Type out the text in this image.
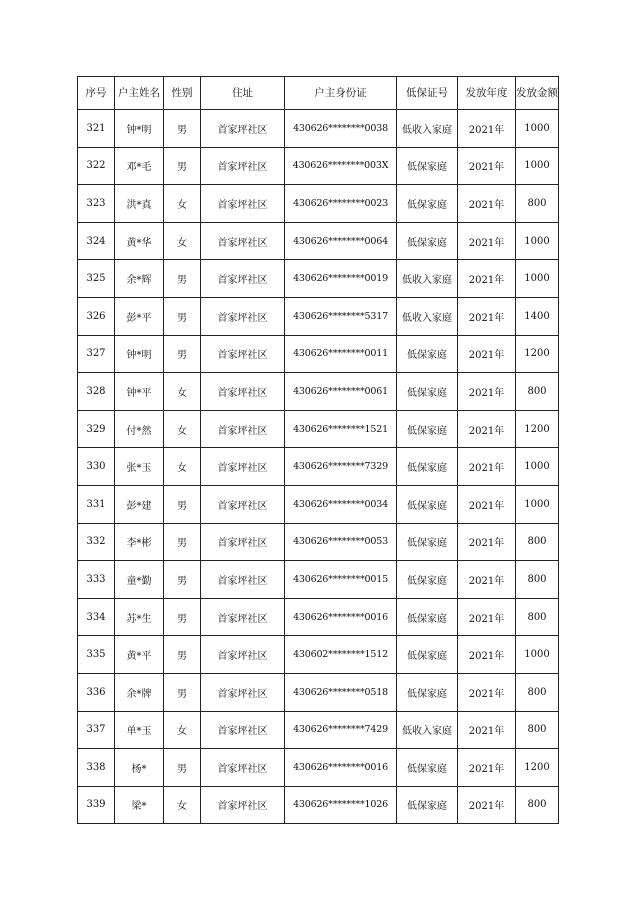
序号	户主姓名	性别	住址	户主身份证	低保证号	发放年度	发放金额
321	钟*明	男	首家坪社区	430626********0038	低收入家庭	2021年	1000
322	邓*毛	男	首家坪社区	430626********003X	低保家庭	2021年	1000
323	洪*真	女	首家坪社区	430626********0023	低保家庭	2021年	800
324	黄*华	女	首家坪社区	430626********0064	低保家庭	2021年	1000
325	余*辉	男	首家坪社区	430626********0019	低收入家庭	2021年	1000
326	彭*平	男	首家坪社区	430626********5317	低收入家庭	2021年	1400
327	钟*明	男	首家坪社区	430626********0011	低保家庭	2021年	1200
328	钟*平	女	首家坪社区	430626********0061	低保家庭	2021年	800
329	付*然	女	首家坪社区	430626********1521	低保家庭	2021年	1200
330	张*玉	女	首家坪社区	430626********7329	低保家庭	2021年	1000
331	彭*建	男	首家坪社区	430626********0034	低保家庭	2021年	1000
332	李*彬	男	首家坪社区	430626********0053	低保家庭	2021年	800
333	童*勤	男	首家坪社区	430626********0015	低保家庭	2021年	800
334	苏*生	男	首家坪社区	430626********0016	低保家庭	2021年	800
335	黄*平	男	首家坪社区	430602********1512	低保家庭	2021年	1000
336	余*牌	男	首家坪社区	430626********0518	低保家庭	2021年	800
337	单*玉	女	首家坪社区	430626********7429	低收入家庭	2021年	800
338	杨*	男	首家坪社区	430626********0016	低保家庭	2021年	1200
339	梁*	女	首家坪社区	430626********1026	低保家庭	2021年	800
